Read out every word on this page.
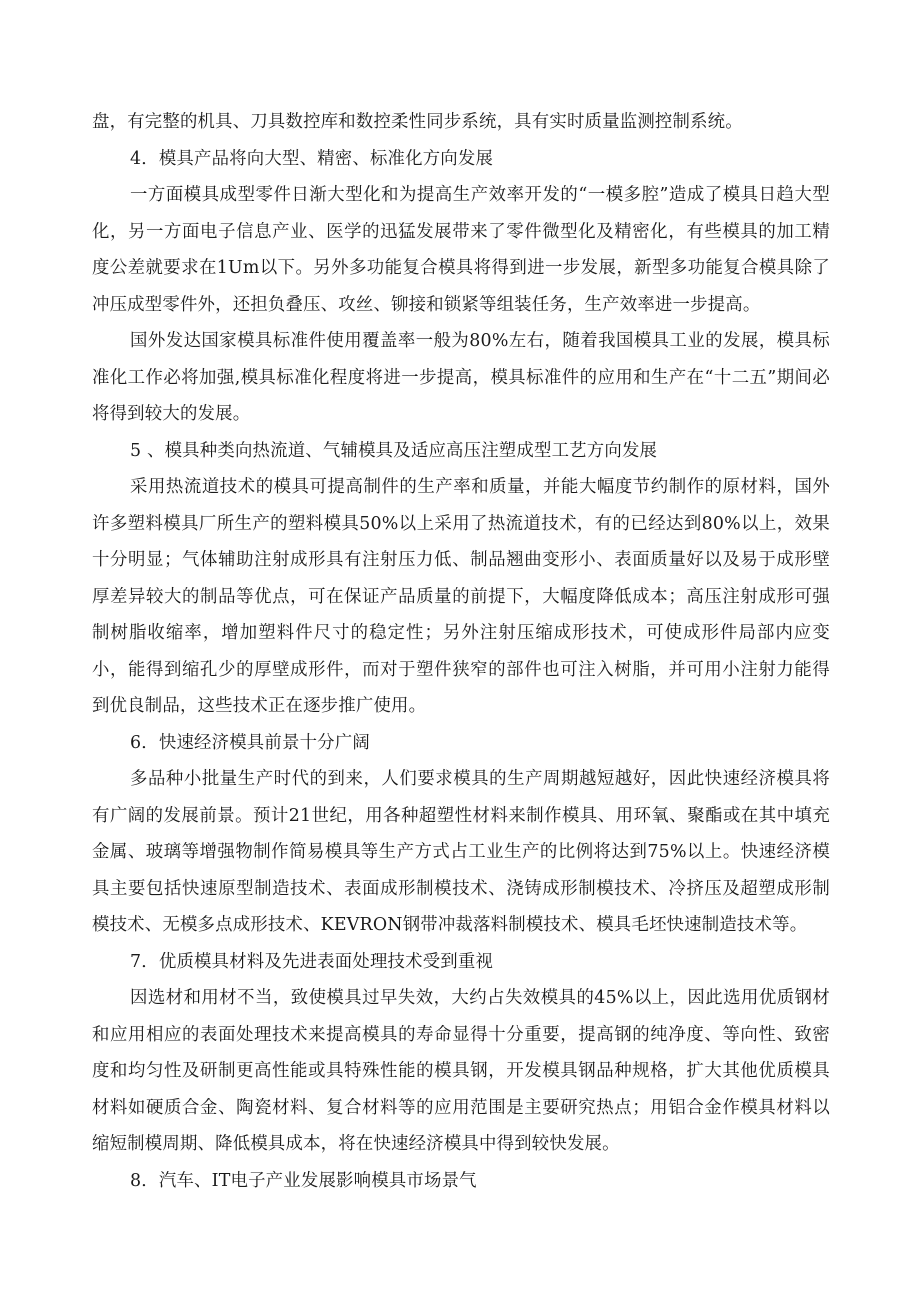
盘，有完整的机具、刀具数控库和数控柔性同步系统，具有实时质量监测控制系统。

4．模具产品将向大型、精密、标准化方向发展

一方面模具成型零件日渐大型化和为提高生产效率开发的“一模多腔”造成了模具日趋大型化，另一方面电子信息产业、医学的迅猛发展带来了零件微型化及精密化，有些模具的加工精度公差就要求在1Um以下。另外多功能复合模具将得到进一步发展，新型多功能复合模具除了冲压成型零件外，还担负叠压、攻丝、铆接和锁紧等组装任务，生产效率进一步提高。

国外发达国家模具标准件使用覆盖率一般为80%左右，随着我国模具工业的发展，模具标准化工作必将加强,模具标准化程度将进一步提高，模具标准件的应用和生产在“十二五”期间必将得到较大的发展。

5 、模具种类向热流道、气辅模具及适应高压注塑成型工艺方向发展

采用热流道技术的模具可提高制件的生产率和质量，并能大幅度节约制作的原材料，国外许多塑料模具厂所生产的塑料模具50%以上采用了热流道技术，有的已经达到80%以上，效果十分明显；气体辅助注射成形具有注射压力低、制品翘曲变形小、表面质量好以及易于成形壁厚差异较大的制品等优点，可在保证产品质量的前提下，大幅度降低成本；高压注射成形可强制树脂收缩率，增加塑料件尺寸的稳定性；另外注射压缩成形技术，可使成形件局部内应变小，能得到缩孔少的厚壁成形件，而对于塑件狭窄的部件也可注入树脂，并可用小注射力能得到优良制品，这些技术正在逐步推广使用。

6．快速经济模具前景十分广阔

多品种小批量生产时代的到来，人们要求模具的生产周期越短越好，因此快速经济模具将有广阔的发展前景。预计21世纪，用各种超塑性材料来制作模具、用环氧、聚酯或在其中填充金属、玻璃等增强物制作简易模具等生产方式占工业生产的比例将达到75%以上。快速经济模具主要包括快速原型制造技术、表面成形制模技术、浇铸成形制模技术、冷挤压及超塑成形制模技术、无模多点成形技术、KEVRON钢带冲裁落料制模技术、模具毛坯快速制造技术等。

7．优质模具材料及先进表面处理技术受到重视

因选材和用材不当，致使模具过早失效，大约占失效模具的45%以上，因此选用优质钢材和应用相应的表面处理技术来提高模具的寿命显得十分重要，提高钢的纯净度、等向性、致密度和均匀性及研制更高性能或具特殊性能的模具钢，开发模具钢品种规格，扩大其他优质模具材料如硬质合金、陶瓷材料、复合材料等的应用范围是主要研究热点；用铝合金作模具材料以缩短制模周期、降低模具成本，将在快速经济模具中得到较快发展。

8．汽车、IT电子产业发展影响模具市场景气
